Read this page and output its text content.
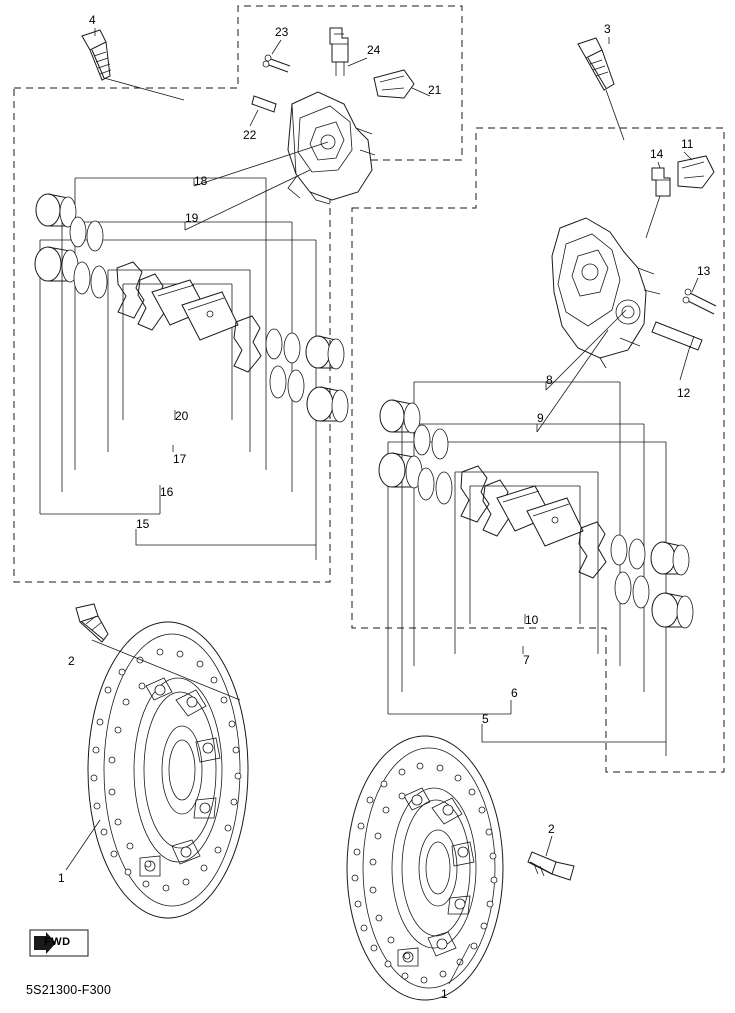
FWD
4
23
24
3
21
22
11
14
18
19
13
12
8
9
20
17
16
15
2
10
7
6
5
2
1
1
5S21300-F300
